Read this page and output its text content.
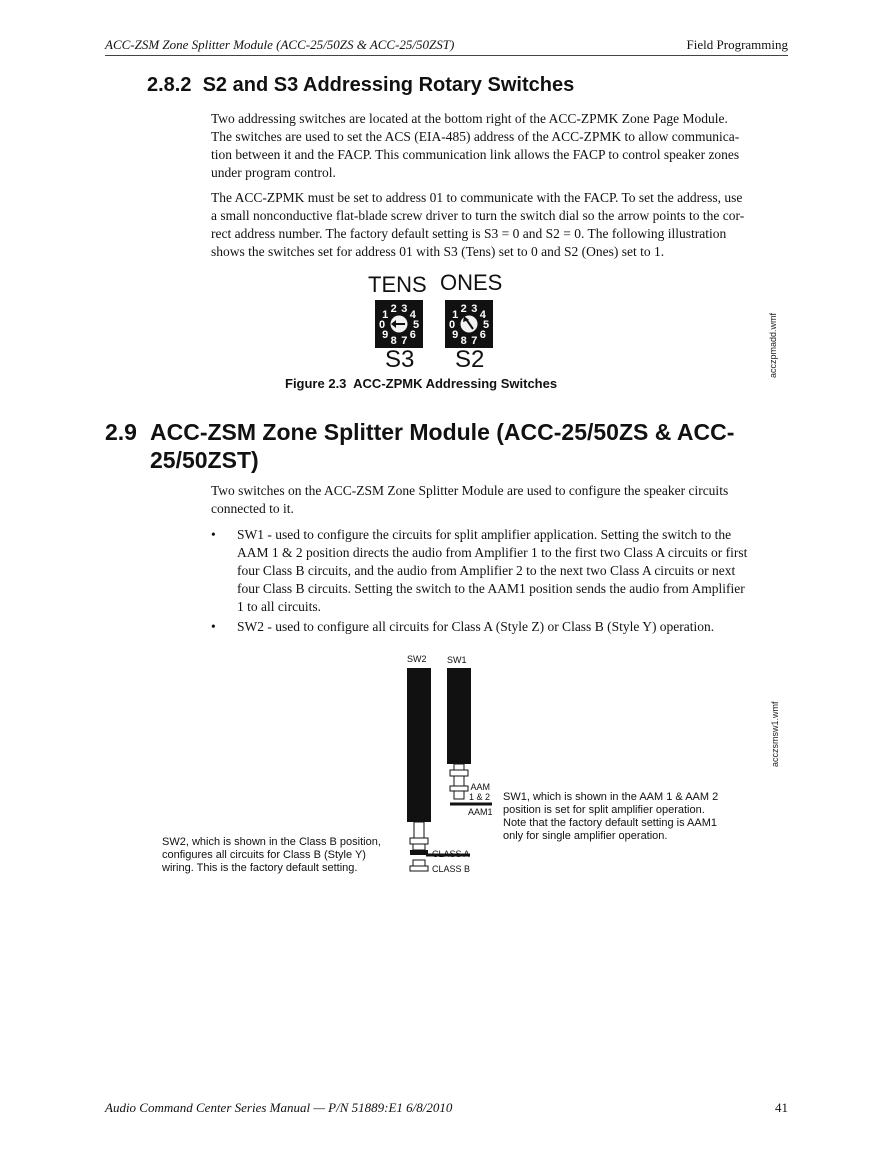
ACC-ZSM Zone Splitter Module (ACC-25/50ZS & ACC-25/50ZST)	Field Programming
2.8.2  S2 and S3 Addressing Rotary Switches
Two addressing switches are located at the bottom right of the ACC-ZPMK Zone Page Module.
The switches are used to set the ACS (EIA-485) address of the ACC-ZPMK to allow communica-
tion between it and the FACP. This communication link allows the FACP to control speaker zones
under program control.
The ACC-ZPMK must be set to address 01 to communicate with the FACP. To set the address, use
a small nonconductive flat-blade screw driver to turn the switch dial so the arrow points to the cor-
rect address number. The factory default setting is S3 = 0 and S2 = 0. The following illustration
shows the switches set for address 01 with S3 (Tens) set to 0 and S2 (Ones) set to 1.
TENS ONES
0
1
2 3
4
5
6
7
8
9
0
1
2 3
4
5
6
7
8
9
S3 S2	acczpmadd.wmf
Figure 2.3  ACC-ZPMK Addressing Switches
2.9 ACC-ZSM Zone Splitter Module (ACC-25/50ZS & ACC-
25/50ZST)
Two switches on the ACC-ZSM Zone Splitter Module are used to configure the speaker circuits
connected to it.
• SW1 - used to configure the circuits for split amplifier application. Setting the switch to the
AAM 1 & 2 position directs the audio from Amplifier 1 to the first two Class A circuits or first
four Class B circuits, and the audio from Amplifier 2 to the next two Class A circuits or next
four Class B circuits. Setting the switch to the AAM1 position sends the audio from Amplifier
1 to all circuits.
• SW2 - used to configure all circuits for Class A (Style Z) or Class B (Style Y) operation.
SW2 SW1
AAM
1 & 2
AAM1
CLASS A
CLASS B
SW1, which is shown in the AAM 1 & AAM 2
position is set for split amplifier operation.
Note that the factory default setting is AAM1
only for single amplifier operation.
SW2, which is shown in the Class B position,
configures all circuits for Class B (Style Y)
wiring. This is the factory default setting.
acczsmsw1.wmf
Audio Command Center Series Manual — P/N 51889:E1 6/8/2010	41
